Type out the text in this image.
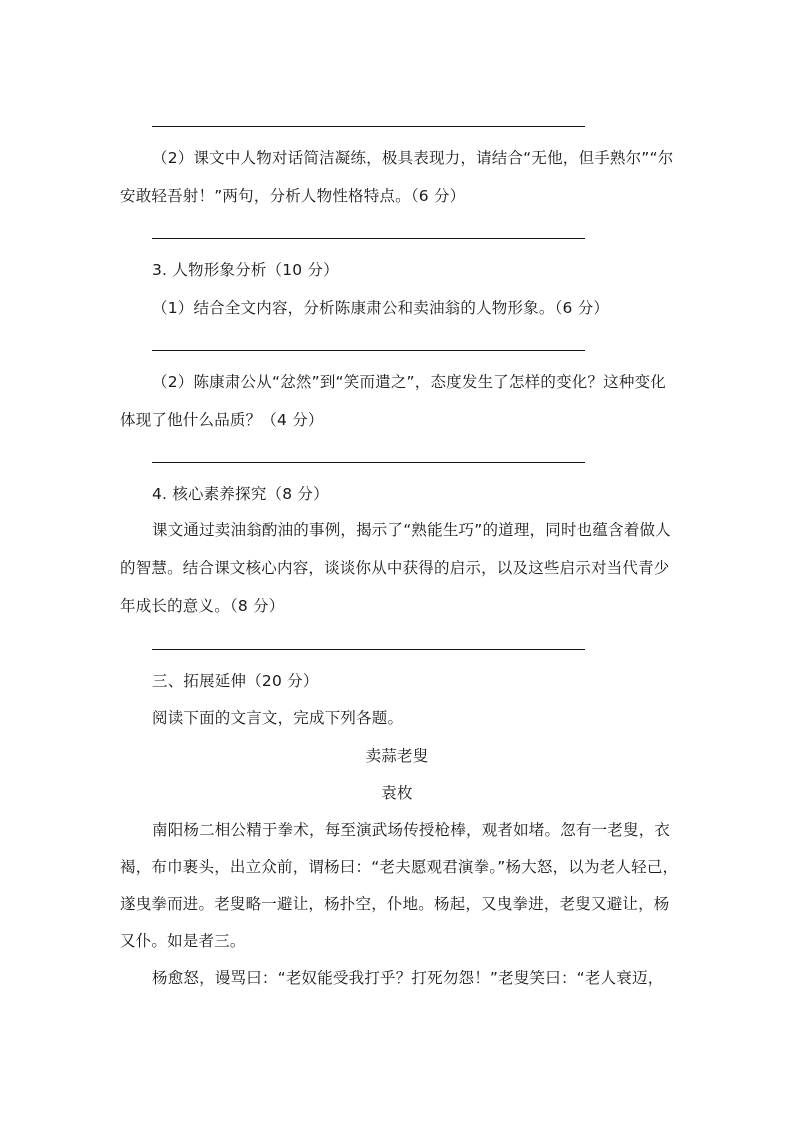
（2）课文中人物对话简洁凝练，极具表现力，请结合“无他，但手熟尔”“尔
安敢轻吾射！”两句，分析人物性格特点。（6 分）
3. 人物形象分析（10 分）
（1）结合全文内容，分析陈康肃公和卖油翁的人物形象。（6 分）
（2）陈康肃公从“忿然”到“笑而遣之”，态度发生了怎样的变化？这种变化
体现了他什么品质？（4 分）
4. 核心素养探究（8 分）
课文通过卖油翁酌油的事例，揭示了“熟能生巧”的道理，同时也蕴含着做人
的智慧。结合课文核心内容，谈谈你从中获得的启示，以及这些启示对当代青少
年成长的意义。（8 分）
三、拓展延伸（20 分）
阅读下面的文言文，完成下列各题。
卖蒜老叟
袁枚
南阳杨二相公精于拳术，每至演武场传授枪棒，观者如堵。忽有一老叟，衣
褐，布巾裹头，出立众前，谓杨曰：“老夫愿观君演拳。”杨大怒，以为老人轻己，
遂曳拳而进。老叟略一避让，杨扑空，仆地。杨起，又曳拳进，老叟又避让，杨
又仆。如是者三。
杨愈怒，谩骂曰：“老奴能受我打乎？打死勿怨！”老叟笑曰：“老人衰迈，
